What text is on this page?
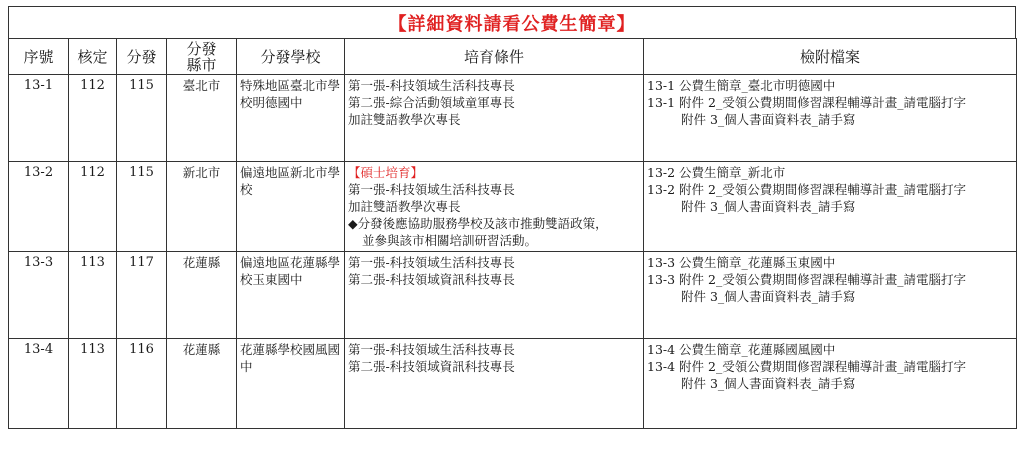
【詳細資料請看公費生簡章】
序號	核定	分發	分發
縣市	分發學校	培育條件	檢附檔案
13-1	112	115	臺北市	特殊地區臺北市學校明德國中	第一張-科技領域生活科技專長
第二張-綜合活動領域童軍專長
加註雙語教學次專長	13-1 公費生簡章_臺北市明德國中
13-1 附件 2_受領公費期間修習課程輔導計畫_請電腦打字
附件 3_個人書面資料表_請手寫

13-2	112	115	新北市	偏遠地區新北市學校	【碩士培育】
第一張-科技領域生活科技專長
加註雙語教學次專長
◆分發後應協助服務學校及該市推動雙語政策，
並參與該市相關培訓研習活動。	13-2 公費生簡章_新北市
13-2 附件 2_受領公費期間修習課程輔導計畫_請電腦打字
附件 3_個人書面資料表_請手寫

13-3	113	117	花蓮縣	偏遠地區花蓮縣學校玉東國中	第一張-科技領域生活科技專長
第二張-科技領域資訊科技專長	13-3 公費生簡章_花蓮縣玉東國中
13-3 附件 2_受領公費期間修習課程輔導計畫_請電腦打字
附件 3_個人書面資料表_請手寫

13-4	113	116	花蓮縣	花蓮縣學校國風國中	第一張-科技領域生活科技專長
第二張-科技領域資訊科技專長	13-4 公費生簡章_花蓮縣國風國中
13-4 附件 2_受領公費期間修習課程輔導計畫_請電腦打字
附件 3_個人書面資料表_請手寫
